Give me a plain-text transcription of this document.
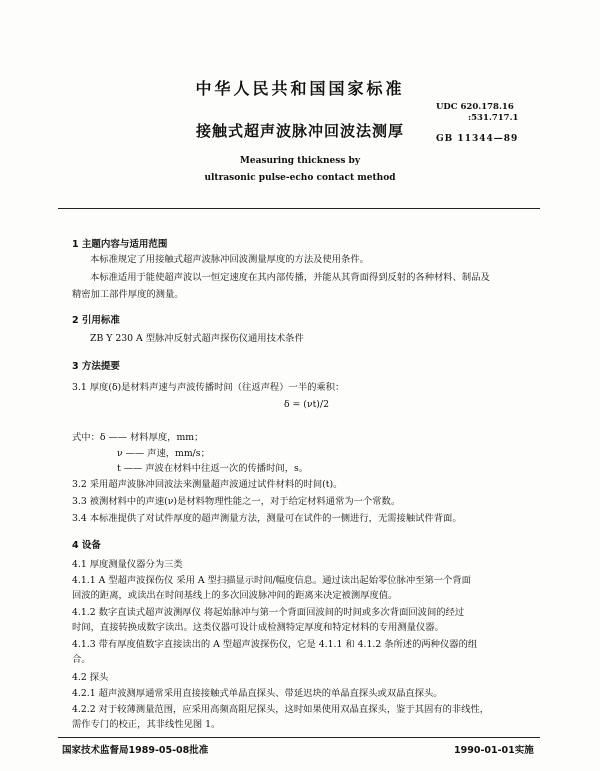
中华人民共和国国家标准
UDC 620.178.16
:531.717.1
接触式超声波脉冲回波法测厚	GB 11344—89
Measuring thickness by
ultrasonic pulse-echo contact method
1 主题内容与适用范围
本标准规定了用接触式超声波脉冲回波测量厚度的方法及使用条件。
本标准适用于能使超声波以一恒定速度在其内部传播，并能从其背面得到反射的各种材料、制品及
精密加工部件厚度的测量。
2 引用标准
ZB Y 230 A 型脉冲反射式超声探伤仪通用技术条件
3 方法提要
3.1 厚度(δ)是材料声速与声波传播时间（往返声程）一半的乘积：
δ = (νt)/2
式中：δ —— 材料厚度，mm；
ν —— 声速，mm/s；
t —— 声波在材料中往返一次的传播时间，s。
3.2 采用超声波脉冲回波法来测量超声波通过试件材料的时间(t)。
3.3 被测材料中的声速(ν)是材料物理性能之一，对于给定材料通常为一个常数。
3.4 本标准提供了对试件厚度的超声测量方法，测量可在试件的一侧进行，无需接触试件背面。
4 设备
4.1 厚度测量仪器分为三类
4.1.1 A 型超声波探伤仪 采用 A 型扫描显示时间/幅度信息。通过读出起始零位脉冲至第一个背面
回波的距离，或读出在时间基线上的多次回波脉冲间的距离来决定被测厚度值。
4.1.2 数字直读式超声波测厚仪 将起始脉冲与第一个背面回波间的时间或多次背面回波间的经过
时间，直接转换成数字读出。这类仪器可设计成检测特定厚度和特定材料的专用测量仪器。
4.1.3 带有厚度值数字直接读出的 A 型超声波探伤仪，它是 4.1.1 和 4.1.2 条所述的两种仪器的组
合。
4.2 探头
4.2.1 超声波测厚通常采用直接接触式单晶直探头、带延迟块的单晶直探头或双晶直探头。
4.2.2 对于较薄测量范围，应采用高频高阻尼探头，这时如果使用双晶直探头，鉴于其固有的非线性，
需作专门的校正，其非线性见图 1。
国家技术监督局1989-05-08批准	1990-01-01实施
